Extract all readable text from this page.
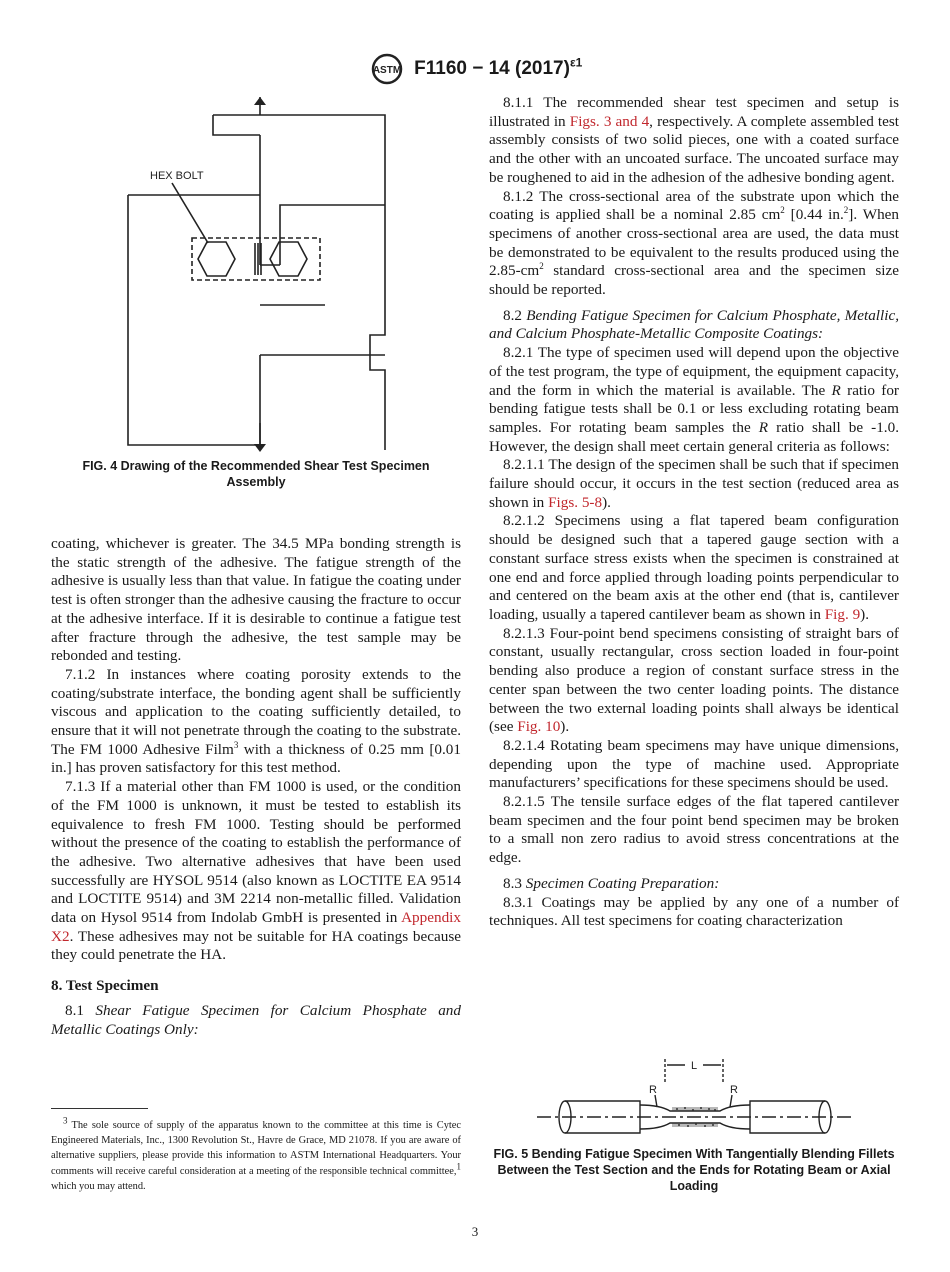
ASTM F1160 − 14 $(2017)^{\varepsilon 1}$
HEX BOLT
FIG. 4 Drawing of the Recommended Shear Test Specimen Assembly

coating, whichever is greater. The 34.5 MPa bonding strength is the static strength of the adhesive. The fatigue strength of the adhesive is usually less than that value. In fatigue the coating under test is often stronger than the adhesive causing the fracture to occur at the adhesive interface. If it is desirable to continue a fatigue test after fracture through the adhesive, the test sample may be rebonded and testing.

7.1.2 In instances where coating porosity extends to the coating/substrate interface, the bonding agent shall be sufficiently viscous and application to the coating sufficiently detailed, to ensure that it will not penetrate through the coating to the substrate. The FM 1000 Adhesive Film$^3$ with a thickness of 0.25 mm [0.01 in.] has proven satisfactory for this test method.

7.1.3 If a material other than FM 1000 is used, or the condition of the FM 1000 is unknown, it must be tested to establish its equivalence to fresh FM 1000. Testing should be performed without the presence of the coating to establish the performance of the adhesive. Two alternative adhesives that have been used successfully are HYSOL 9514 (also known as LOCTITE EA 9514 and LOCTITE 9514) and 3M 2214 non-metallic filled. Validation data on Hysol 9514 from Indolab GmbH is presented in Appendix X2. These adhesives may not be suitable for HA coatings because they could penetrate the HA.

8. Test Specimen

8.1 Shear Fatigue Specimen for Calcium Phosphate and Metallic Coatings Only:

$^3$ The sole source of supply of the apparatus known to the committee at this time is Cytec Engineered Materials, Inc., 1300 Revolution St., Havre de Grace, MD 21078. If you are aware of alternative suppliers, please provide this information to ASTM International Headquarters. Your comments will receive careful consideration at a meeting of the responsible technical committee,$^1$ which you may attend.

8.1.1 The recommended shear test specimen and setup is illustrated in Figs. 3 and 4, respectively. A complete assembled test assembly consists of two solid pieces, one with a coated surface and the other with an uncoated surface. The uncoated surface may be roughened to aid in the adhesion of the adhesive bonding agent.

8.1.2 The cross-sectional area of the substrate upon which the coating is applied shall be a nominal 2.85 $cm^2$ [0.44 in.$^2$]. When specimens of another cross-sectional area are used, the data must be demonstrated to be equivalent to the results produced using the $2.85-cm^2$ standard cross-sectional area and the specimen size should be reported.

8.2 Bending Fatigue Specimen for Calcium Phosphate, Metallic, and Calcium Phosphate-Metallic Composite Coatings:

8.2.1 The type of specimen used will depend upon the objective of the test program, the type of equipment, the equipment capacity, and the form in which the material is available. The R ratio for bending fatigue tests shall be 0.1 or less excluding rotating beam samples. For rotating beam samples the R ratio shall be -1.0. However, the design shall meet certain general criteria as follows:

8.2.1.1 The design of the specimen shall be such that if specimen failure should occur, it occurs in the test section (reduced area as shown in Figs. 5-8).

8.2.1.2 Specimens using a flat tapered beam configuration should be designed such that a tapered gauge section with a constant surface stress exists when the specimen is constrained at one end and force applied through loading points perpendicular to and centered on the beam axis at the other end (that is, cantilever loading, usually a tapered cantilever beam as shown in Fig. 9).

8.2.1.3 Four-point bend specimens consisting of straight bars of constant, usually rectangular, cross section loaded in four-point bending also produce a region of constant surface stress in the center span between the two center loading points. The distance between the two external loading points shall always be identical (see Fig. 10).

8.2.1.4 Rotating beam specimens may have unique dimensions, depending upon the type of machine used. Appropriate manufacturers’ specifications for these specimens should be used.

8.2.1.5 The tensile surface edges of the flat tapered cantilever beam specimen and the four point bend specimen may be broken to a small non zero radius to avoid stress concentrations at the edge.

8.3 Specimen Coating Preparation:

8.3.1 Coatings may be applied by any one of a number of techniques. All test specimens for coating characterization

L
R	R
FIG. 5 Bending Fatigue Specimen With Tangentially Blending Fillets Between the Test Section and the Ends for Rotating Beam or Axial Loading
3
